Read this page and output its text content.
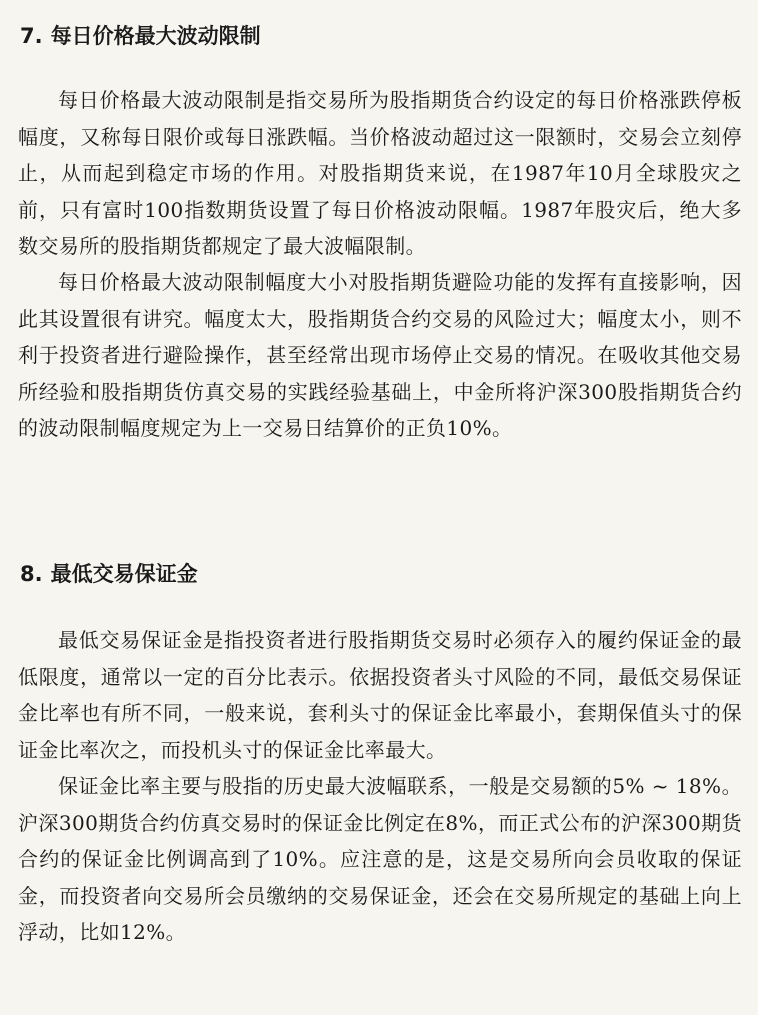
7. 每日价格最大波动限制

每日价格最大波动限制是指交易所为股指期货合约设定的每日价格涨跌停板幅度，又称每日限价或每日涨跌幅。当价格波动超过这一限额时，交易会立刻停止，从而起到稳定市场的作用。对股指期货来说，在1987年10月全球股灾之前，只有富时100指数期货设置了每日价格波动限幅。1987年股灾后，绝大多数交易所的股指期货都规定了最大波幅限制。

每日价格最大波动限制幅度大小对股指期货避险功能的发挥有直接影响，因此其设置很有讲究。幅度太大，股指期货合约交易的风险过大；幅度太小，则不利于投资者进行避险操作，甚至经常出现市场停止交易的情况。在吸收其他交易所经验和股指期货仿真交易的实践经验基础上，中金所将沪深300股指期货合约的波动限制幅度规定为上一交易日结算价的正负10%。

8. 最低交易保证金

最低交易保证金是指投资者进行股指期货交易时必须存入的履约保证金的最低限度，通常以一定的百分比表示。依据投资者头寸风险的不同，最低交易保证金比率也有所不同，一般来说，套利头寸的保证金比率最小，套期保值头寸的保证金比率次之，而投机头寸的保证金比率最大。

保证金比率主要与股指的历史最大波幅联系，一般是交易额的5% ~ 18%。沪深300期货合约仿真交易时的保证金比例定在8%，而正式公布的沪深300期货合约的保证金比例调高到了10%。应注意的是，这是交易所向会员收取的保证金，而投资者向交易所会员缴纳的交易保证金，还会在交易所规定的基础上向上浮动，比如12%。
